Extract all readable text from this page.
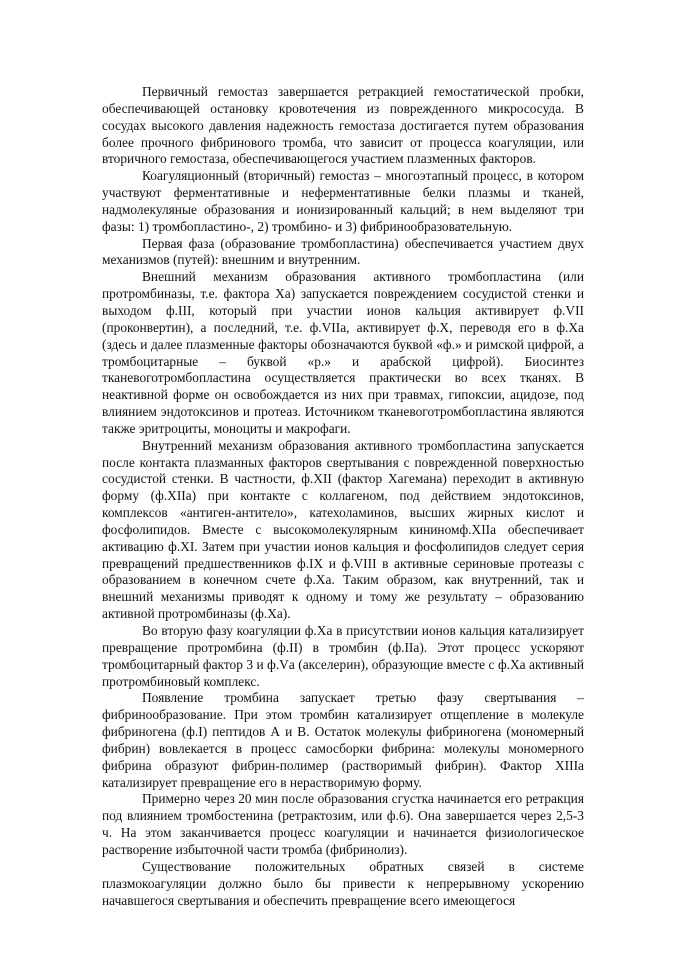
Первичный гемостаз завершается ретракцией гемостатической пробки, обеспечивающей остановку кровотечения из поврежденного микрососуда. В сосудах высокого давления надежность гемостаза достигается путем образования более прочного фибринового тромба, что зависит от процесса коагуляции, или вторичного гемостаза, обеспечивающегося участием плазменных факторов.

Коагуляционный (вторичный) гемостаз – многоэтапный процесс, в котором участвуют ферментативные и неферментативные белки плазмы и тканей, надмолекуляные образования и ионизированный кальций; в нем выделяют три фазы: 1) тромбопластино-, 2) тромбино- и 3) фибринообразовательную.

Первая фаза (образование тромбопластина) обеспечивается участием двух механизмов (путей): внешним и внутренним.

Внешний механизм образования активного тромбопластина (или протромбиназы, т.е. фактора Ха) запускается повреждением сосудистой стенки и выходом ф.III, который при участии ионов кальция активирует ф.VII (проконвертин), а последний, т.е. ф.VIIа, активирует ф.Х, переводя его в ф.Ха (здесь и далее плазменные факторы обозначаются буквой «ф.» и римской цифрой, а тромбоцитарные – буквой «р.» и арабской цифрой). Биосинтез тканевоготромбопластина осуществляется практически во всех тканях. В неактивной форме он освобождается из них при травмах, гипоксии, ацидозе, под влиянием эндотоксинов и протеаз. Источником тканевоготромбопластина являются также эритроциты, моноциты и макрофаги.

Внутренний механизм образования активного тромбопластина запускается после контакта плазманных факторов свертывания с поврежденной поверхностью сосудистой стенки. В частности, ф.XII (фактор Хагемана) переходит в активную форму (ф.XIIа) при контакте с коллагеном, под действием эндотоксинов, комплексов «антиген-антитело», катехоламинов, высших жирных кислот и фосфолипидов. Вместе с высокомолекулярным кининомф.XIIа обеспечивает активацию ф.XI. Затем при участии ионов кальция и фосфолипидов следует серия превращений предшественников ф.IX и ф.VIII в активные сериновые протеазы с образованием в конечном счете ф.Ха. Таким образом, как внутренний, так и внешний механизмы приводят к одному и тому же результату – образованию активной протромбиназы (ф.Ха).

Во вторую фазу коагуляции ф.Ха в присутствии ионов кальция катализирует превращение протромбина (ф.II) в тромбин (ф.IIа). Этот процесс ускоряют тромбоцитарный фактор 3 и ф.Vа (акселерин), образующие вместе с ф.Ха активный протромбиновый комплекс.

Появление тромбина запускает третью фазу свертывания – фибринообразование. При этом тромбин катализирует отщепление в молекуле фибриногена (ф.I) пептидов А и В. Остаток молекулы фибриногена (мономерный фибрин) вовлекается в процесс самосборки фибрина: молекулы мономерного фибрина образуют фибрин-полимер (растворимый фибрин). Фактор XIIIа катализирует превращение его в нерастворимую форму.

Примерно через 20 мин после образования сгустка начинается его ретракция под влиянием тромбостенина (ретрактозим, или ф.6). Она завершается через 2,5-3 ч. На этом заканчивается процесс коагуляции и начинается физиологическое растворение избыточной части тромба (фибринолиз).

Существование положительных обратных связей в системе плазмокоагуляции должно было бы привести к непрерывному ускорению начавшегося свертывания и обеспечить превращение всего имеющегося
